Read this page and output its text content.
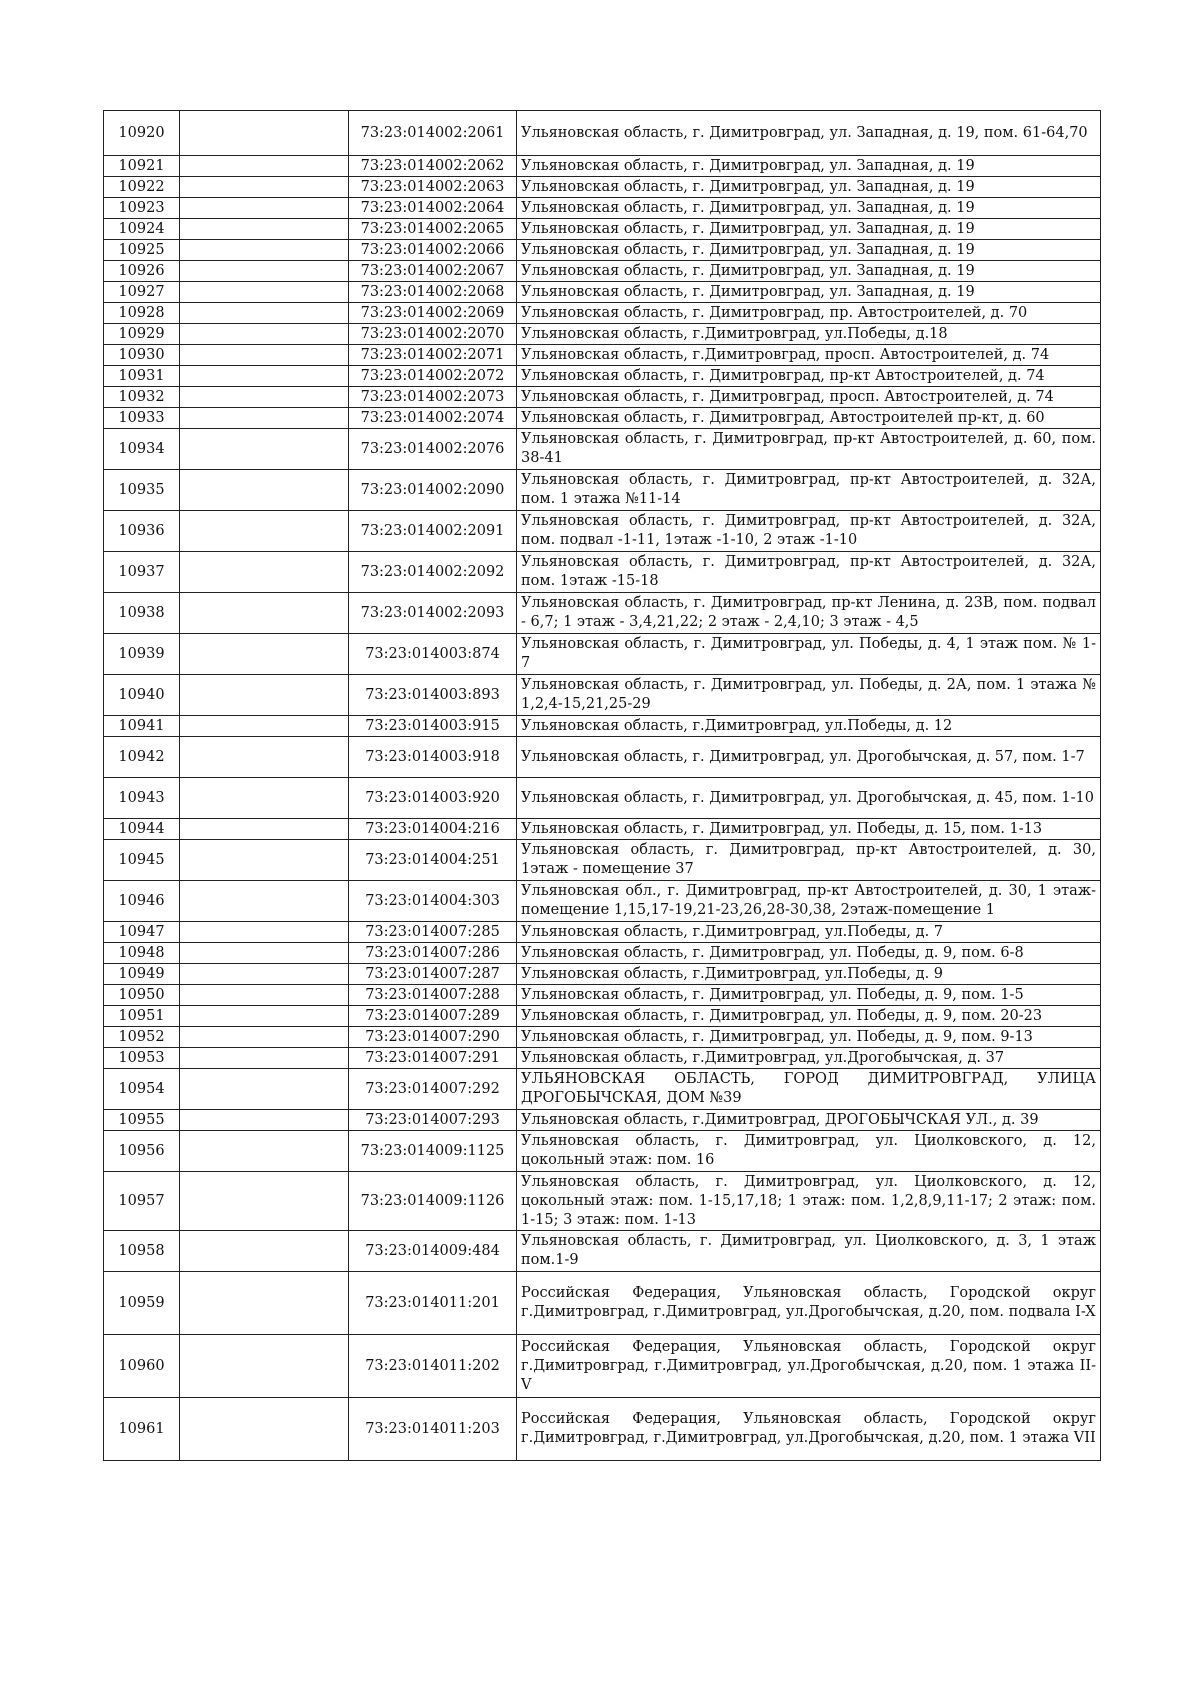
10920		73:23:014002:2061	Ульяновская область, г. Димитровград, ул. Западная, д. 19, пом. 61-64,70
10921		73:23:014002:2062	Ульяновская область, г. Димитровград, ул. Западная, д. 19
10922		73:23:014002:2063	Ульяновская область, г. Димитровград, ул. Западная, д. 19
10923		73:23:014002:2064	Ульяновская область, г. Димитровград, ул. Западная, д. 19
10924		73:23:014002:2065	Ульяновская область, г. Димитровград, ул. Западная, д. 19
10925		73:23:014002:2066	Ульяновская область, г. Димитровград, ул. Западная, д. 19
10926		73:23:014002:2067	Ульяновская область, г. Димитровград, ул. Западная, д. 19
10927		73:23:014002:2068	Ульяновская область, г. Димитровград, ул. Западная, д. 19
10928		73:23:014002:2069	Ульяновская область, г. Димитровград, пр. Автостроителей, д. 70
10929		73:23:014002:2070	Ульяновская область, г.Димитровград, ул.Победы, д.18
10930		73:23:014002:2071	Ульяновская область, г.Димитровград, просп. Автостроителей, д. 74
10931		73:23:014002:2072	Ульяновская область, г. Димитровград, пр-кт Автостроителей, д. 74
10932		73:23:014002:2073	Ульяновская область, г. Димитровград, просп. Автостроителей, д. 74
10933		73:23:014002:2074	Ульяновская область, г. Димитровград, Автостроителей пр-кт, д. 60
10934		73:23:014002:2076	Ульяновская область, г. Димитровград, пр-кт Автостроителей, д. 60, пом. 38-41
10935		73:23:014002:2090	Ульяновская область, г. Димитровград, пр-кт Автостроителей, д. 32А, пом. 1 этажа №11-14
10936		73:23:014002:2091	Ульяновская область, г. Димитровград, пр-кт Автостроителей, д. 32А, пом. подвал -1-11, 1этаж -1-10, 2 этаж -1-10
10937		73:23:014002:2092	Ульяновская область, г. Димитровград, пр-кт Автостроителей, д. 32А, пом. 1этаж -15-18
10938		73:23:014002:2093	Ульяновская область, г. Димитровград, пр-кт Ленина, д. 23В, пом. подвал - 6,7; 1 этаж - 3,4,21,22; 2 этаж - 2,4,10; 3 этаж - 4,5
10939		73:23:014003:874	Ульяновская область, г. Димитровград, ул. Победы, д. 4, 1 этаж пом. № 1-7
10940		73:23:014003:893	Ульяновская область, г. Димитровград, ул. Победы, д. 2А, пом. 1 этажа № 1,2,4-15,21,25-29
10941		73:23:014003:915	Ульяновская область, г.Димитровград, ул.Победы, д. 12
10942		73:23:014003:918	Ульяновская область, г. Димитровград, ул. Дрогобычская, д. 57, пом. 1-7
10943		73:23:014003:920	Ульяновская область, г. Димитровград, ул. Дрогобычская, д. 45, пом. 1-10
10944		73:23:014004:216	Ульяновская область, г. Димитровград, ул. Победы, д. 15, пом. 1-13
10945		73:23:014004:251	Ульяновская область, г. Димитровград, пр-кт Автостроителей, д. 30, 1этаж - помещение 37
10946		73:23:014004:303	Ульяновская обл., г. Димитровград, пр-кт Автостроителей, д. 30, 1 этаж-помещение 1,15,17-19,21-23,26,28-30,38, 2этаж-помещение 1
10947		73:23:014007:285	Ульяновская область, г.Димитровград, ул.Победы, д. 7
10948		73:23:014007:286	Ульяновская область, г. Димитровград, ул. Победы, д. 9, пом. 6-8
10949		73:23:014007:287	Ульяновская область, г.Димитровград, ул.Победы, д. 9
10950		73:23:014007:288	Ульяновская область, г. Димитровград, ул. Победы, д. 9, пом. 1-5
10951		73:23:014007:289	Ульяновская область, г. Димитровград, ул. Победы, д. 9, пом. 20-23
10952		73:23:014007:290	Ульяновская область, г. Димитровград, ул. Победы, д. 9, пом. 9-13
10953		73:23:014007:291	Ульяновская область, г.Димитровград, ул.Дрогобычская, д. 37
10954		73:23:014007:292	УЛЬЯНОВСКАЯ ОБЛАСТЬ, ГОРОД ДИМИТРОВГРАД, УЛИЦА ДРОГОБЫЧСКАЯ, ДОМ №39
10955		73:23:014007:293	Ульяновская область, г.Димитровград, ДРОГОБЫЧСКАЯ УЛ., д. 39
10956		73:23:014009:1125	Ульяновская область, г. Димитровград, ул. Циолковского, д. 12, цокольный этаж: пом. 16
10957		73:23:014009:1126	Ульяновская область, г. Димитровград, ул. Циолковского, д. 12, цокольный этаж: пом. 1-15,17,18; 1 этаж: пом. 1,2,8,9,11-17; 2 этаж: пом. 1-15; 3 этаж: пом. 1-13
10958		73:23:014009:484	Ульяновская область, г. Димитровград, ул. Циолковского, д. 3, 1 этаж пом.1-9
10959		73:23:014011:201	Российская Федерация, Ульяновская область, Городской округ г.Димитровград, г.Димитровград, ул.Дрогобычская, д.20, пом. подвала I-X
10960		73:23:014011:202	Российская Федерация, Ульяновская область, Городской округ г.Димитровград, г.Димитровград, ул.Дрогобычская, д.20, пом. 1 этажа II-V
10961		73:23:014011:203	Российская Федерация, Ульяновская область, Городской округ г.Димитровград, г.Димитровград, ул.Дрогобычская, д.20, пом. 1 этажа VII
